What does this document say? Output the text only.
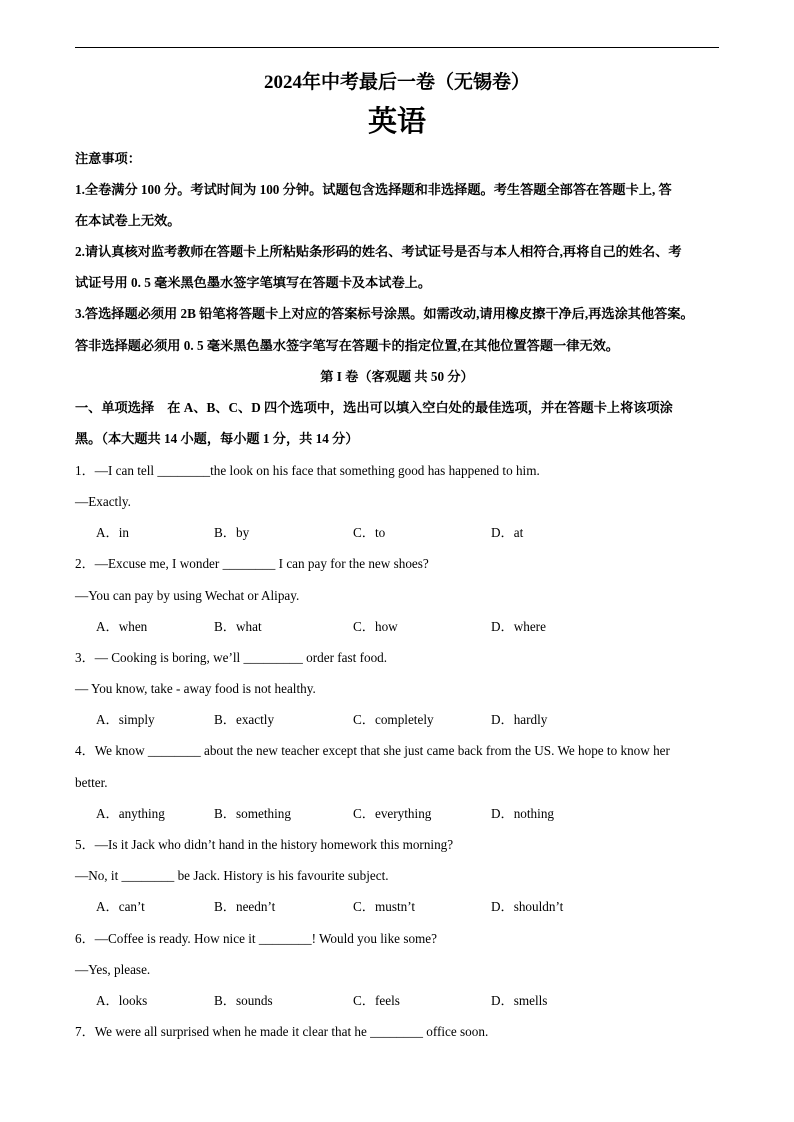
2024年中考最后一卷（无锡卷）
英语
注意事项：
1.全卷满分 100 分。考试时间为 100 分钟。试题包含选择题和非选择题。考生答题全部答在答题卡上, 答
在本试卷上无效。
2.请认真核对监考教师在答题卡上所粘贴条形码的姓名、考试证号是否与本人相符合,再将自己的姓名、考
试证号用 0. 5 毫米黑色墨水签字笔填写在答题卡及本试卷上。
3.答选择题必须用 2B 铅笔将答题卡上对应的答案标号涂黑。如需改动,请用橡皮擦干净后,再选涂其他答案。
答非选择题必须用 0. 5 毫米黑色墨水签字笔写在答题卡的指定位置,在其他位置答题一律无效。
第 I 卷（客观题 共 50 分）
一、单项选择　在 A、B、C、D 四个选项中，选出可以填入空白处的最佳选项，并在答题卡上将该项涂
黑。（本大题共 14 小题，每小题 1 分，共 14 分）
1．—I can tell ________the look on his face that something good has happened to him.
—Exactly.
A．in	B．by	C．to	D．at
2．—Excuse me, I wonder ________ I can pay for the new shoes?
—You can pay by using Wechat or Alipay.
A．when	B．what	C．how	D．where
3．— Cooking is boring, we’ll _________ order fast food.
— You know, take - away food is not healthy.
A．simply	B．exactly	C．completely	D．hardly
4．We know ________ about the new teacher except that she just came back from the US. We hope to know her
better.
A．anything	B．something	C．everything	D．nothing
5．—Is it Jack who didn’t hand in the history homework this morning?
—No, it ________ be Jack. History is his favourite subject.
A．can’t	B．needn’t	C．mustn’t	D．shouldn’t
6．—Coffee is ready. How nice it ________! Would you like some?
—Yes, please.
A．looks	B．sounds	C．feels	D．smells
7．We were all surprised when he made it clear that he ________ office soon.
